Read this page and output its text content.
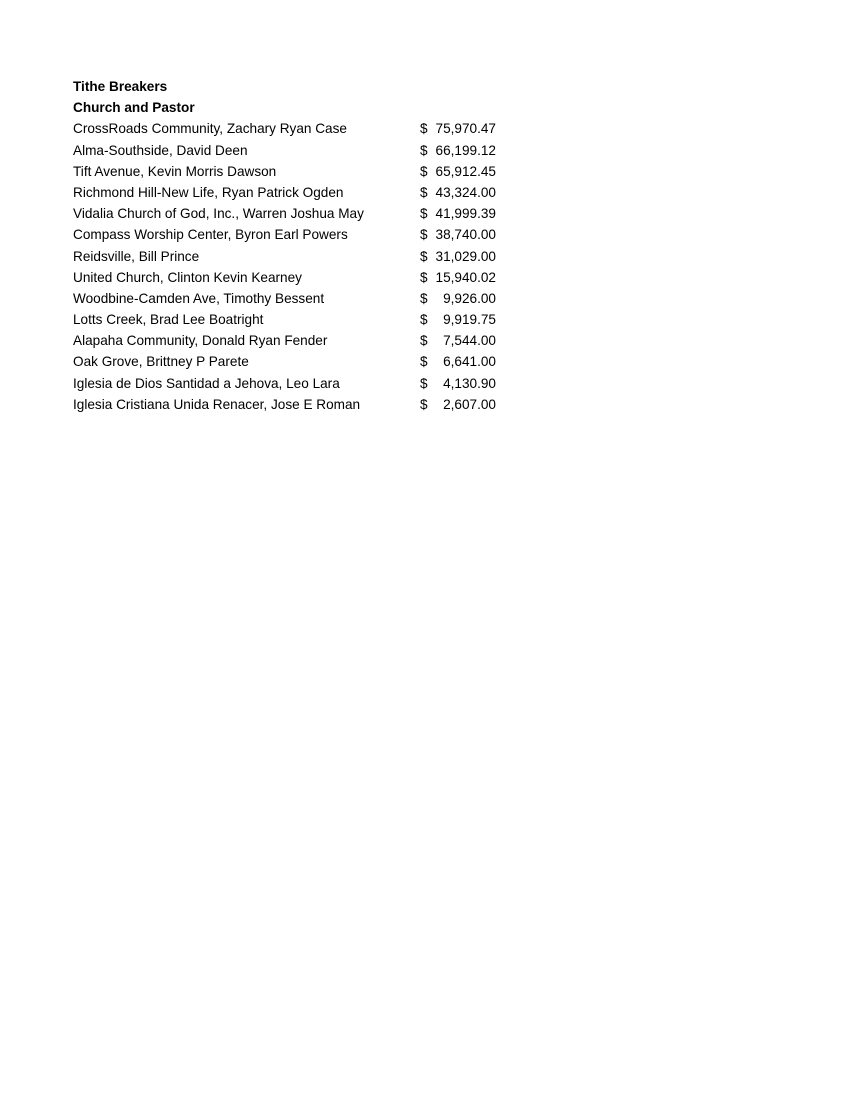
Tithe Breakers
Church and Pastor
CrossRoads Community, Zachary Ryan Case	$ 75,970.47
Alma-Southside, David Deen	$ 66,199.12
Tift Avenue, Kevin Morris Dawson	$ 65,912.45
Richmond Hill-New Life, Ryan Patrick Ogden	$ 43,324.00
Vidalia Church of God, Inc., Warren Joshua May	$ 41,999.39
Compass Worship Center, Byron Earl Powers	$ 38,740.00
Reidsville, Bill Prince	$ 31,029.00
United Church, Clinton Kevin Kearney	$ 15,940.02
Woodbine-Camden Ave, Timothy Bessent	$ 9,926.00
Lotts Creek, Brad Lee Boatright	$ 9,919.75
Alapaha Community, Donald Ryan Fender	$ 7,544.00
Oak Grove, Brittney P Parete	$ 6,641.00
Iglesia de Dios Santidad a Jehova, Leo Lara	$ 4,130.90
Iglesia Cristiana Unida Renacer, Jose E Roman	$ 2,607.00
